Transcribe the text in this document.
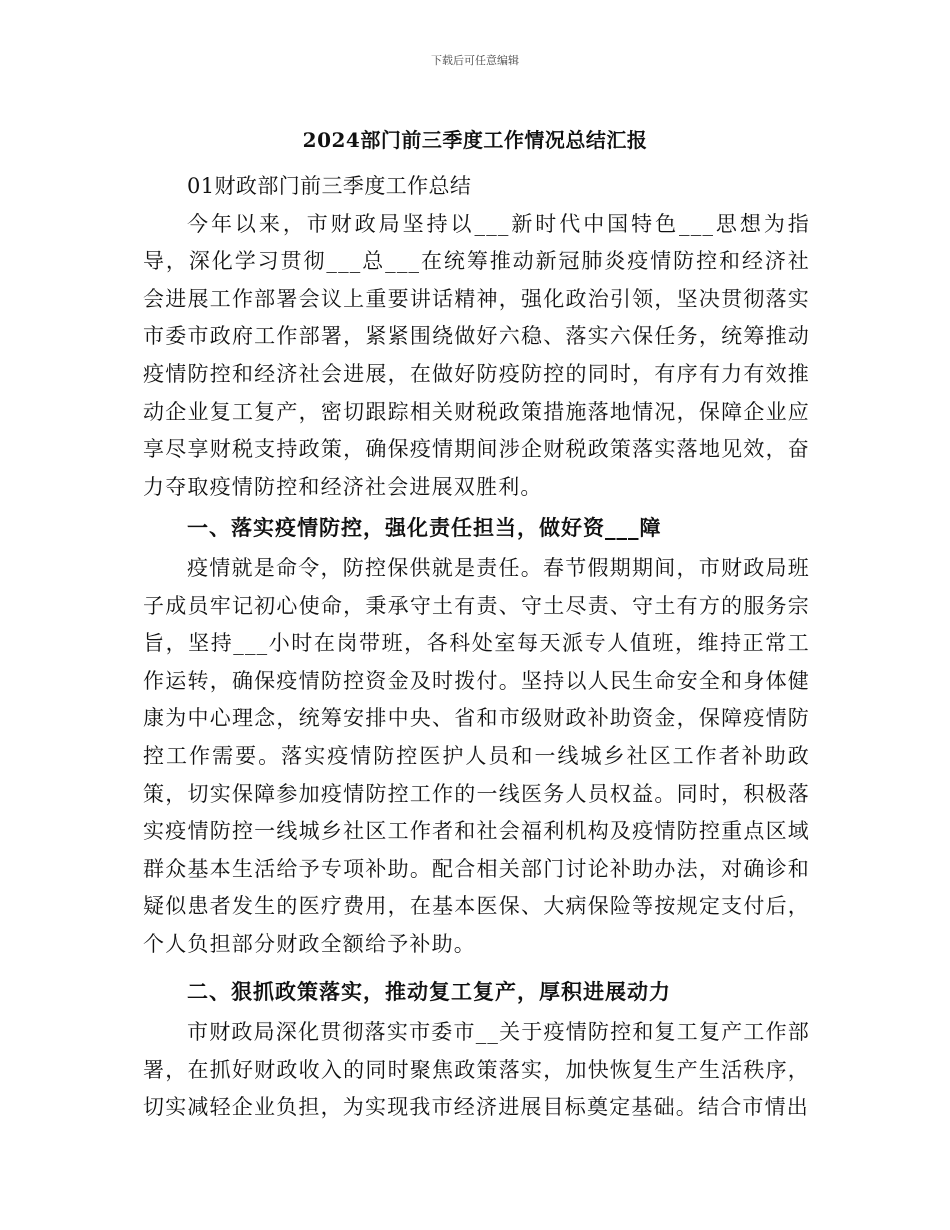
下载后可任意编辑
2024部门前三季度工作情况总结汇报

01财政部门前三季度工作总结

今年以来，市财政局坚持以___新时代中国特色___思想为指导，深化学习贯彻___总___在统筹推动新冠肺炎疫情防控和经济社会进展工作部署会议上重要讲话精神，强化政治引领，坚决贯彻落实市委市政府工作部署，紧紧围绕做好六稳、落实六保任务，统筹推动疫情防控和经济社会进展，在做好防疫防控的同时，有序有力有效推动企业复工复产，密切跟踪相关财税政策措施落地情况，保障企业应享尽享财税支持政策，确保疫情期间涉企财税政策落实落地见效，奋力夺取疫情防控和经济社会进展双胜利。

一、落实疫情防控，强化责任担当，做好资___障

疫情就是命令，防控保供就是责任。春节假期期间，市财政局班子成员牢记初心使命，秉承守土有责、守土尽责、守土有方的服务宗旨，坚持___小时在岗带班，各科处室每天派专人值班，维持正常工作运转，确保疫情防控资金及时拨付。坚持以人民生命安全和身体健康为中心理念，统筹安排中央、省和市级财政补助资金，保障疫情防控工作需要。落实疫情防控医护人员和一线城乡社区工作者补助政策，切实保障参加疫情防控工作的一线医务人员权益。同时，积极落实疫情防控一线城乡社区工作者和社会福利机构及疫情防控重点区域群众基本生活给予专项补助。配合相关部门讨论补助办法，对确诊和疑似患者发生的医疗费用，在基本医保、大病保险等按规定支付后，个人负担部分财政全额给予补助。

二、狠抓政策落实，推动复工复产，厚积进展动力

市财政局深化贯彻落实市委市__关于疫情防控和复工复产工作部署，在抓好财政收入的同时聚焦政策落实，加快恢复生产生活秩序，切实减轻企业负担，为实现我市经济进展目标奠定基础。结合市情出
